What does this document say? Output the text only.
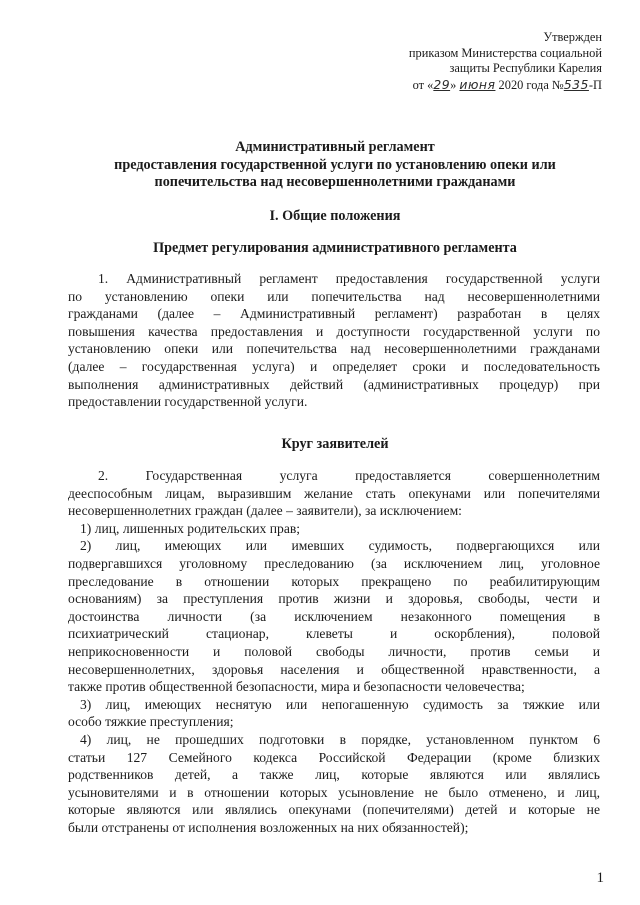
Утвержден
приказом Министерства социальной
защиты Республики Карелия
от «29» июня 2020 года №535-П
Административный регламент
предоставления государственной услуги по установлению опеки или
попечительства над несовершеннолетними гражданами
I. Общие положения
Предмет регулирования административного регламента
1. Административный регламент предоставления государственной услуги
по установлению опеки или попечительства над несовершеннолетними
гражданами (далее – Административный регламент) разработан в целях
повышения качества предоставления и доступности государственной услуги по
установлению опеки или попечительства над несовершеннолетними гражданами
(далее – государственная услуга) и определяет сроки и последовательность
выполнения административных действий (административных процедур) при
предоставлении государственной услуги.
Круг заявителей
2. Государственная услуга предоставляется совершеннолетним
дееспособным лицам, выразившим желание стать опекунами или попечителями
несовершеннолетних граждан (далее – заявители), за исключением:
1) лиц, лишенных родительских прав;
2) лиц, имеющих или имевших судимость, подвергающихся или
подвергавшихся уголовному преследованию (за исключением лиц, уголовное
преследование в отношении которых прекращено по реабилитирующим
основаниям) за преступления против жизни и здоровья, свободы, чести и
достоинства личности (за исключением незаконного помещения в
психиатрический стационар, клеветы и оскорбления), половой
неприкосновенности и половой свободы личности, против семьи и
несовершеннолетних, здоровья населения и общественной нравственности, а
также против общественной безопасности, мира и безопасности человечества;
3) лиц, имеющих неснятую или непогашенную судимость за тяжкие или
особо тяжкие преступления;
4) лиц, не прошедших подготовки в порядке, установленном пунктом 6
статьи 127 Семейного кодекса Российской Федерации (кроме близких
родственников детей, а также лиц, которые являются или являлись
усыновителями и в отношении которых усыновление не было отменено, и лиц,
которые являются или являлись опекунами (попечителями) детей и которые не
были отстранены от исполнения возложенных на них обязанностей);
1
